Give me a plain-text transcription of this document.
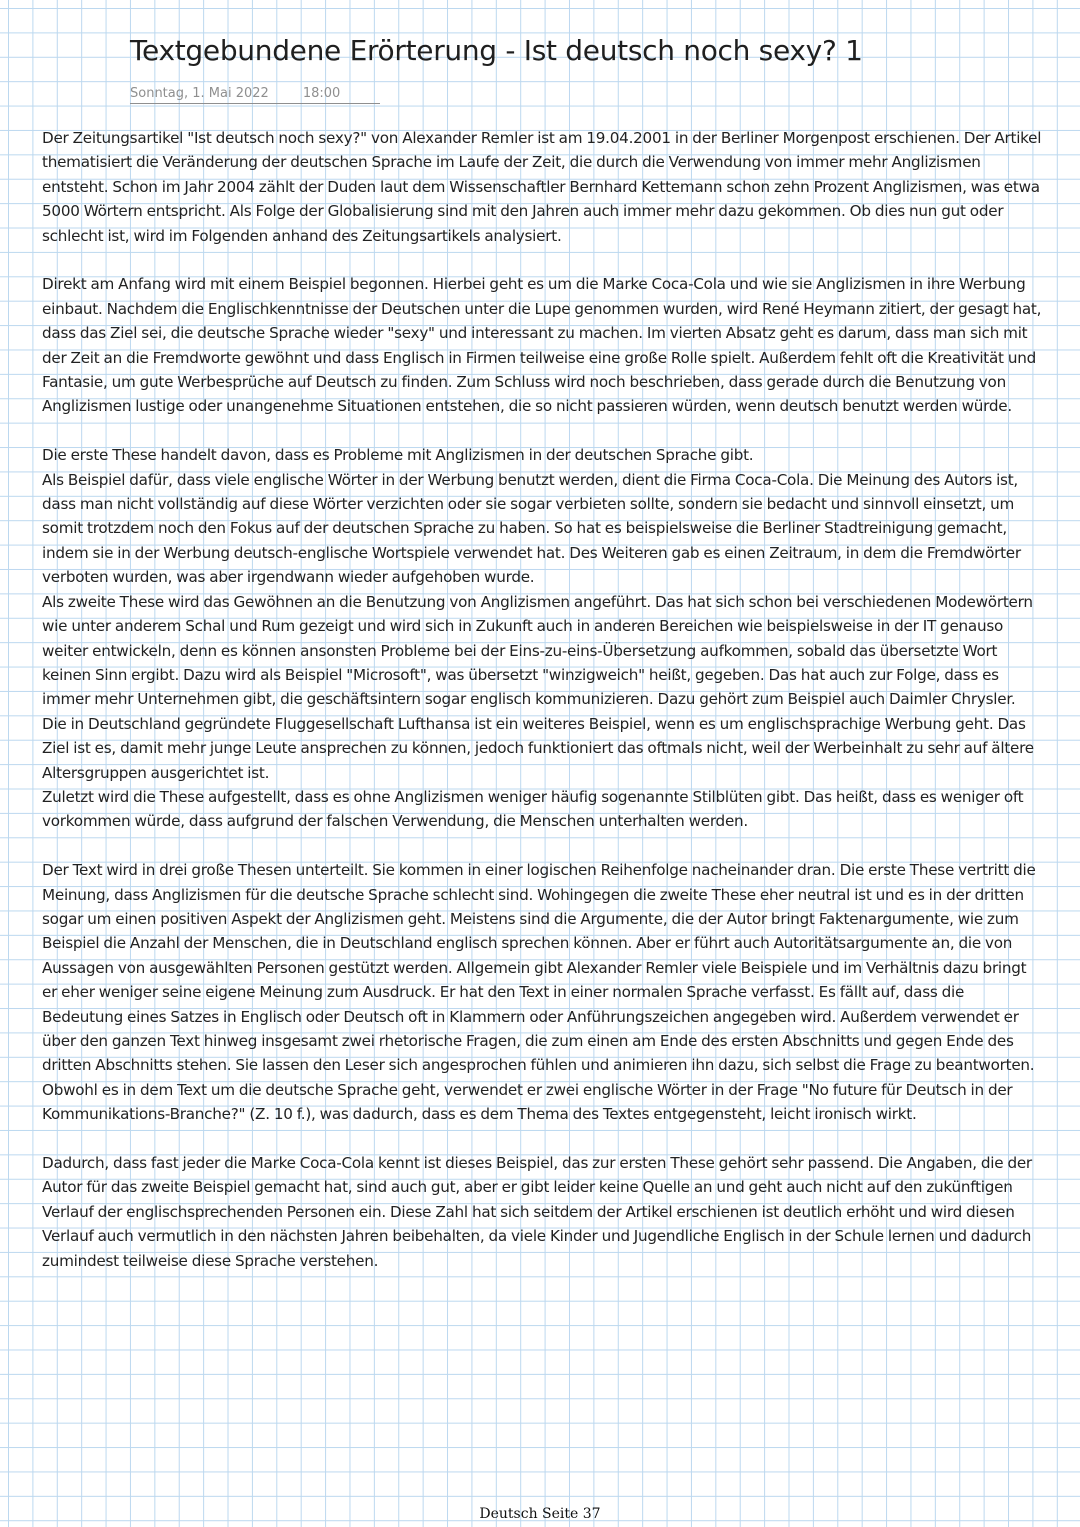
Textgebundene Erörterung - Ist deutsch noch sexy? 1
Sonntag, 1. Mai 2022	18:00

Der Zeitungsartikel "Ist deutsch noch sexy?" von Alexander Remler ist am 19.04.2001 in der Berliner Morgenpost erschienen. Der Artikel thematisiert die Veränderung der deutschen Sprache im Laufe der Zeit, die durch die Verwendung von immer mehr Anglizismen entsteht. Schon im Jahr 2004 zählt der Duden laut dem Wissenschaftler Bernhard Kettemann schon zehn Prozent Anglizismen, was etwa 5000 Wörtern entspricht. Als Folge der Globalisierung sind mit den Jahren auch immer mehr dazu gekommen. Ob dies nun gut oder schlecht ist, wird im Folgenden anhand des Zeitungsartikels analysiert.

Direkt am Anfang wird mit einem Beispiel begonnen. Hierbei geht es um die Marke Coca-Cola und wie sie Anglizismen in ihre Werbung einbaut. Nachdem die Englischkenntnisse der Deutschen unter die Lupe genommen wurden, wird René Heymann zitiert, der gesagt hat, dass das Ziel sei, die deutsche Sprache wieder "sexy" und interessant zu machen. Im vierten Absatz geht es darum, dass man sich mit der Zeit an die Fremdworte gewöhnt und dass Englisch in Firmen teilweise eine große Rolle spielt. Außerdem fehlt oft die Kreativität und Fantasie, um gute Werbesprüche auf Deutsch zu finden. Zum Schluss wird noch beschrieben, dass gerade durch die Benutzung von Anglizismen lustige oder unangenehme Situationen entstehen, die so nicht passieren würden, wenn deutsch benutzt werden würde.

Die erste These handelt davon, dass es Probleme mit Anglizismen in der deutschen Sprache gibt.

Als Beispiel dafür, dass viele englische Wörter in der Werbung benutzt werden, dient die Firma Coca-Cola. Die Meinung des Autors ist, dass man nicht vollständig auf diese Wörter verzichten oder sie sogar verbieten sollte, sondern sie bedacht und sinnvoll einsetzt, um somit trotzdem noch den Fokus auf der deutschen Sprache zu haben. So hat es beispielsweise die Berliner Stadtreinigung gemacht, indem sie in der Werbung deutsch-englische Wortspiele verwendet hat. Des Weiteren gab es einen Zeitraum, in dem die Fremdwörter verboten wurden, was aber irgendwann wieder aufgehoben wurde.

Als zweite These wird das Gewöhnen an die Benutzung von Anglizismen angeführt. Das hat sich schon bei verschiedenen Modewörtern wie unter anderem Schal und Rum gezeigt und wird sich in Zukunft auch in anderen Bereichen wie beispielsweise in der IT genauso weiter entwickeln, denn es können ansonsten Probleme bei der Eins-zu-eins-Übersetzung aufkommen, sobald das übersetzte Wort keinen Sinn ergibt. Dazu wird als Beispiel "Microsoft", was übersetzt "winzigweich" heißt, gegeben. Das hat auch zur Folge, dass es immer mehr Unternehmen gibt, die geschäftsintern sogar englisch kommunizieren. Dazu gehört zum Beispiel auch Daimler Chrysler. Die in Deutschland gegründete Fluggesellschaft Lufthansa ist ein weiteres Beispiel, wenn es um englischsprachige Werbung geht. Das Ziel ist es, damit mehr junge Leute ansprechen zu können, jedoch funktioniert das oftmals nicht, weil der Werbeinhalt zu sehr auf ältere Altersgruppen ausgerichtet ist.

Zuletzt wird die These aufgestellt, dass es ohne Anglizismen weniger häufig sogenannte Stilblüten gibt. Das heißt, dass es weniger oft vorkommen würde, dass aufgrund der falschen Verwendung, die Menschen unterhalten werden.

Der Text wird in drei große Thesen unterteilt. Sie kommen in einer logischen Reihenfolge nacheinander dran. Die erste These vertritt die Meinung, dass Anglizismen für die deutsche Sprache schlecht sind. Wohingegen die zweite These eher neutral ist und es in der dritten sogar um einen positiven Aspekt der Anglizismen geht. Meistens sind die Argumente, die der Autor bringt Faktenargumente, wie zum Beispiel die Anzahl der Menschen, die in Deutschland englisch sprechen können. Aber er führt auch Autoritätsargumente an, die von Aussagen von ausgewählten Personen gestützt werden. Allgemein gibt Alexander Remler viele Beispiele und im Verhältnis dazu bringt er eher weniger seine eigene Meinung zum Ausdruck. Er hat den Text in einer normalen Sprache verfasst. Es fällt auf, dass die Bedeutung eines Satzes in Englisch oder Deutsch oft in Klammern oder Anführungszeichen angegeben wird. Außerdem verwendet er über den ganzen Text hinweg insgesamt zwei rhetorische Fragen, die zum einen am Ende des ersten Abschnitts und gegen Ende des dritten Abschnitts stehen. Sie lassen den Leser sich angesprochen fühlen und animieren ihn dazu, sich selbst die Frage zu beantworten. Obwohl es in dem Text um die deutsche Sprache geht, verwendet er zwei englische Wörter in der Frage "No future für Deutsch in der Kommunikations-Branche?" (Z. 10 f.), was dadurch, dass es dem Thema des Textes entgegensteht, leicht ironisch wirkt.

Dadurch, dass fast jeder die Marke Coca-Cola kennt ist dieses Beispiel, das zur ersten These gehört sehr passend. Die Angaben, die der Autor für das zweite Beispiel gemacht hat, sind auch gut, aber er gibt leider keine Quelle an und geht auch nicht auf den zukünftigen Verlauf der englischsprechenden Personen ein. Diese Zahl hat sich seitdem der Artikel erschienen ist deutlich erhöht und wird diesen Verlauf auch vermutlich in den nächsten Jahren beibehalten, da viele Kinder und Jugendliche Englisch in der Schule lernen und dadurch zumindest teilweise diese Sprache verstehen.

Deutsch Seite 37
